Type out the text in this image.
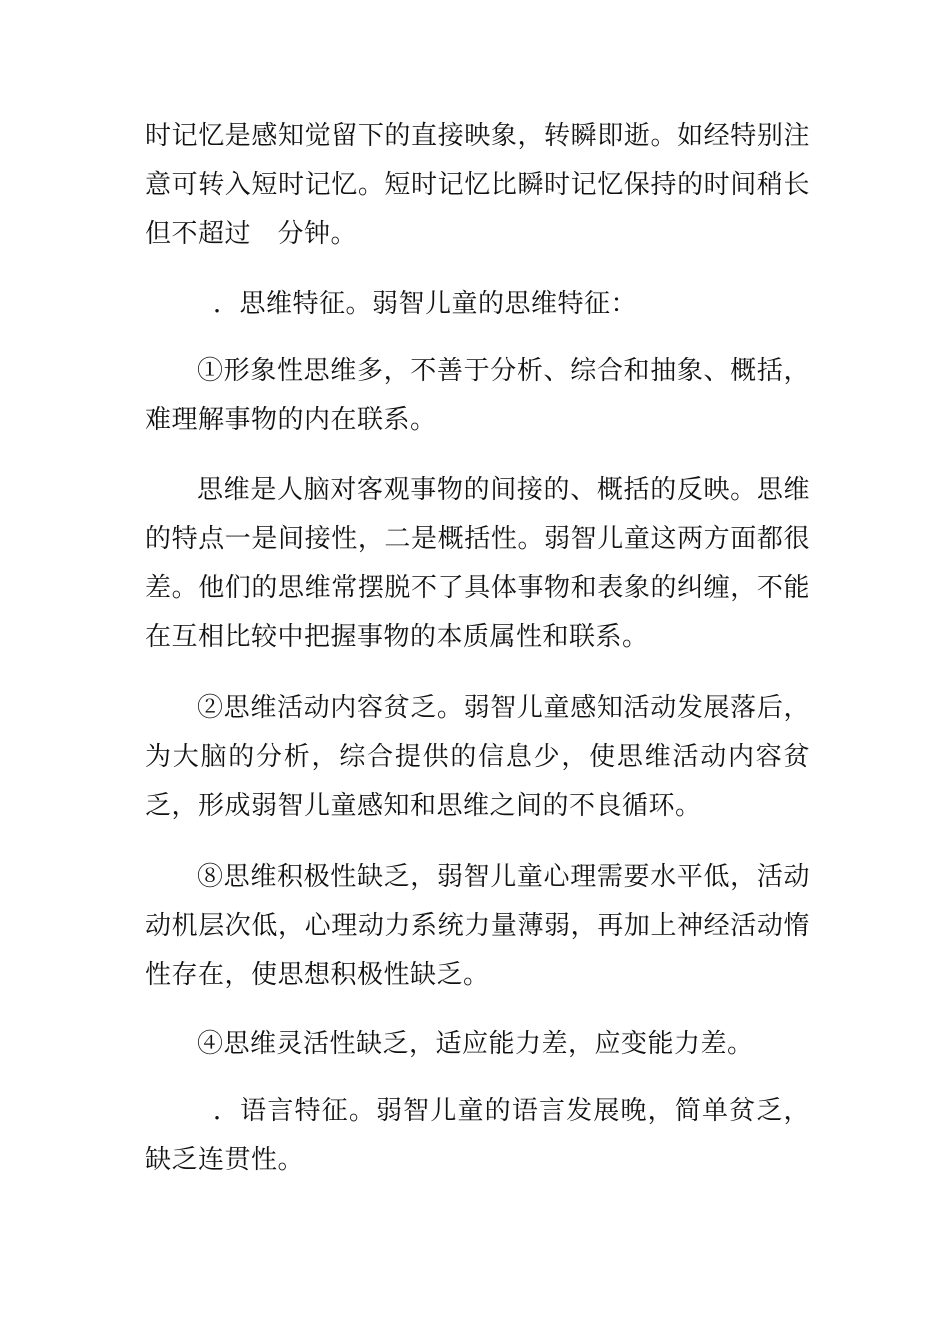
时记忆是感知觉留下的直接映象，转瞬即逝。如经特别注意可转入短时记忆。短时记忆比瞬时记忆保持的时间稍长但不超过　分钟。

．思维特征。弱智儿童的思维特征：

①形象性思维多，不善于分析、综合和抽象、概括，难理解事物的内在联系。

思维是人脑对客观事物的间接的、概括的反映。思维的特点一是间接性，二是概括性。弱智儿童这两方面都很差。他们的思维常摆脱不了具体事物和表象的纠缠，不能在互相比较中把握事物的本质属性和联系。

②思维活动内容贫乏。弱智儿童感知活动发展落后，为大脑的分析，综合提供的信息少，使思维活动内容贫乏，形成弱智儿童感知和思维之间的不良循环。

⑧思维积极性缺乏，弱智儿童心理需要水平低，活动动机层次低，心理动力系统力量薄弱，再加上神经活动惰性存在，使思想积极性缺乏。

④思维灵活性缺乏，适应能力差，应变能力差。

．语言特征。弱智儿童的语言发展晚，简单贫乏，缺乏连贯性。
